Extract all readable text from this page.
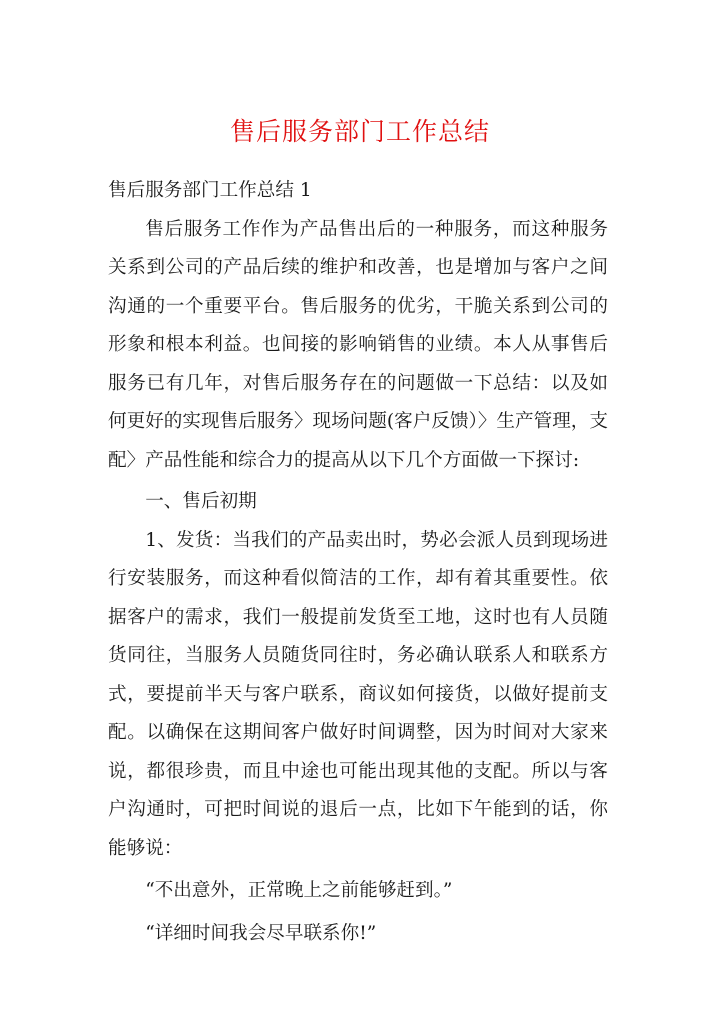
售后服务部门工作总结

售后服务部门工作总结 1

售后服务工作作为产品售出后的一种服务，而这种服务关系到公司的产品后续的维护和改善，也是增加与客户之间沟通的一个重要平台。售后服务的优劣，干脆关系到公司的形象和根本利益。也间接的影响销售的业绩。本人从事售后服务已有几年，对售后服务存在的问题做一下总结：以及如何更好的实现售后服务〉现场问题(客户反馈）〉生产管理，支配〉产品性能和综合力的提高从以下几个方面做一下探讨:

一、售后初期

1、发货：当我们的产品卖出时，势必会派人员到现场进行安装服务，而这种看似简洁的工作，却有着其重要性。依据客户的需求，我们一般提前发货至工地，这时也有人员随货同往，当服务人员随货同往时，务必确认联系人和联系方式，要提前半天与客户联系，商议如何接货，以做好提前支配。以确保在这期间客户做好时间调整，因为时间对大家来说，都很珍贵，而且中途也可能出现其他的支配。所以与客户沟通时，可把时间说的退后一点，比如下午能到的话，你能够说：

“不出意外，正常晚上之前能够赶到。”

“详细时间我会尽早联系你!”
